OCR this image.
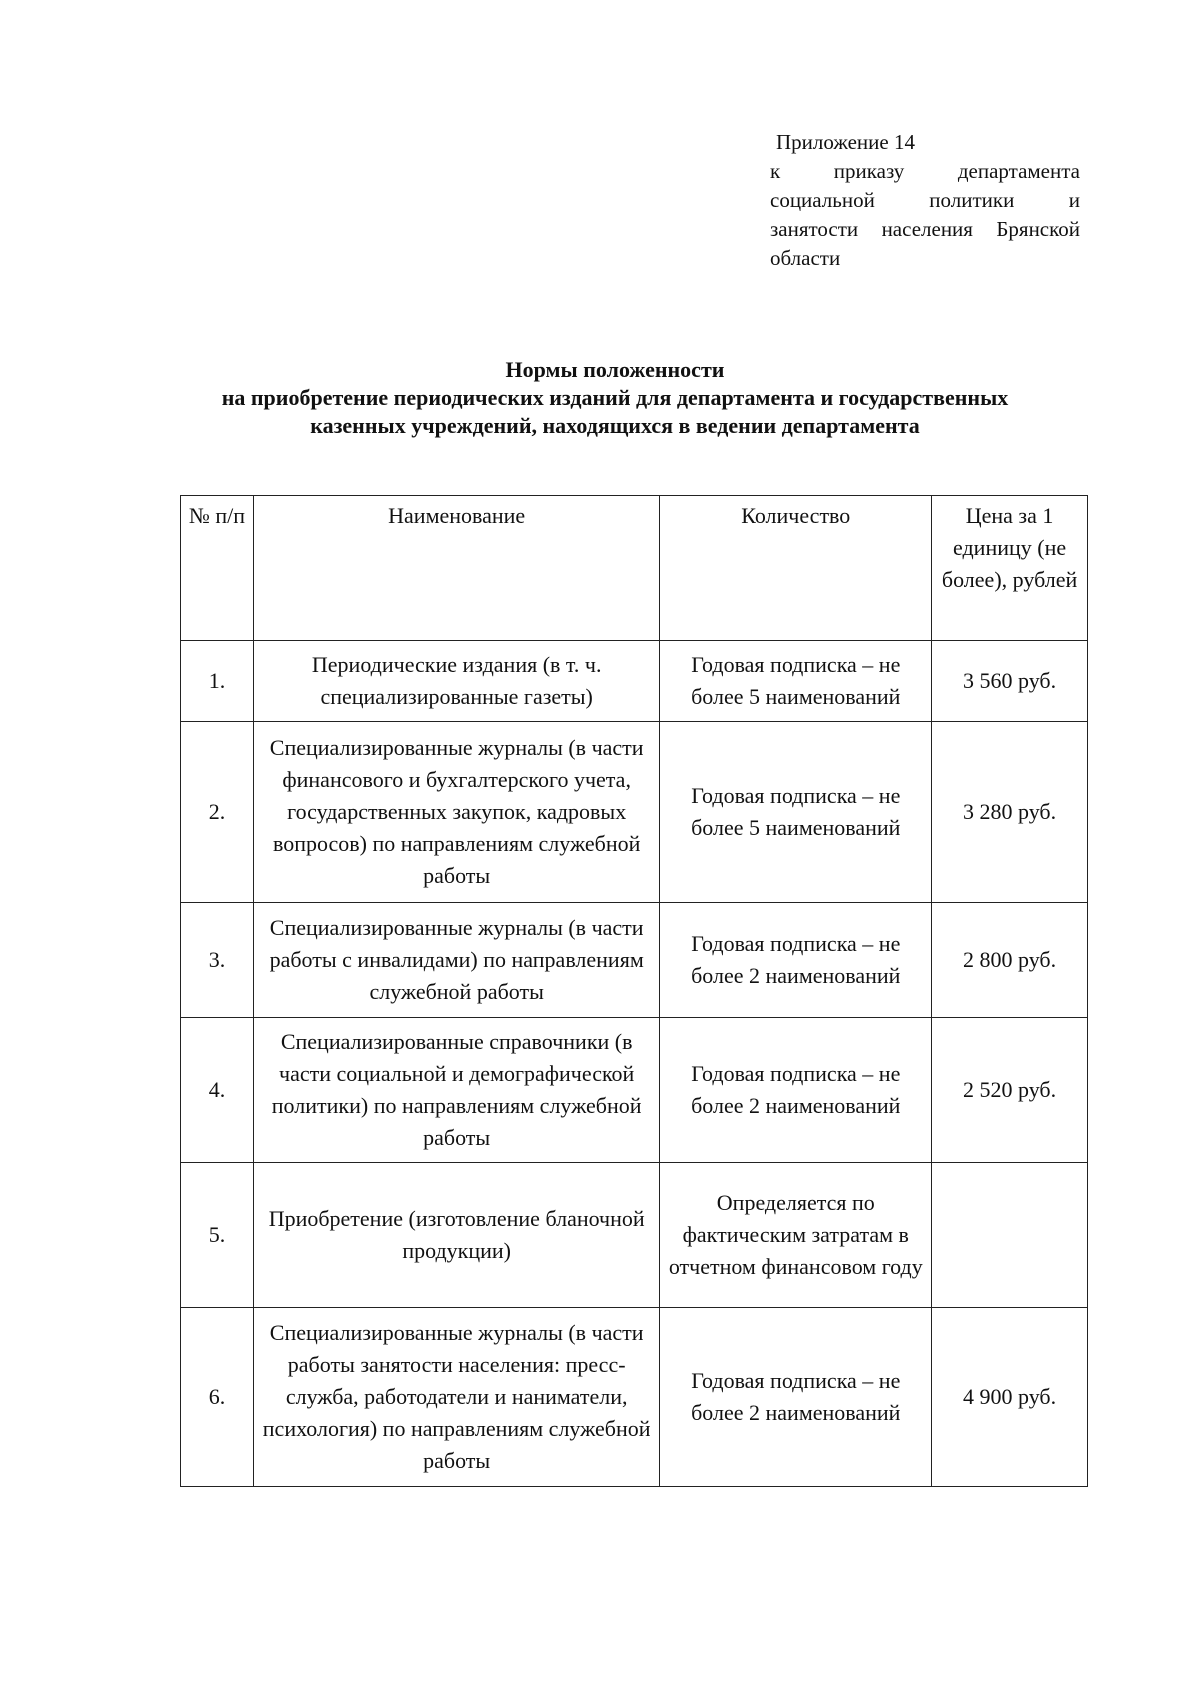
Приложение 14
к приказу департамента
социальной политики и
занятости населения Брянской
области
Нормы положенности
на приобретение периодических изданий для департамента и государственных
казенных учреждений, находящихся в ведении департамента
№ п/п	Наименование	Количество	Цена за 1 единицу (не более), рублей
1.	Периодические издания (в т. ч. специализированные газеты)	Годовая подписка – не более 5 наименований	3 560 руб.
2.	Специализированные журналы (в части финансового и бухгалтерского учета, государственных закупок, кадровых вопросов) по направлениям служебной работы	Годовая подписка – не более 5 наименований	3 280 руб.
3.	Специализированные журналы (в части работы с инвалидами) по направлениям служебной работы	Годовая подписка – не более 2 наименований	2 800 руб.
4.	Специализированные справочники (в части социальной и демографической политики) по направлениям служебной работы	Годовая подписка – не более 2 наименований	2 520 руб.
5.	Приобретение (изготовление бланочной продукции)	Определяется по фактическим затратам в отчетном финансовом году	
6.	Специализированные журналы (в части работы занятости населения: пресс-служба, работодатели и наниматели, психология) по направлениям служебной работы	Годовая подписка – не более 2 наименований	4 900 руб.
